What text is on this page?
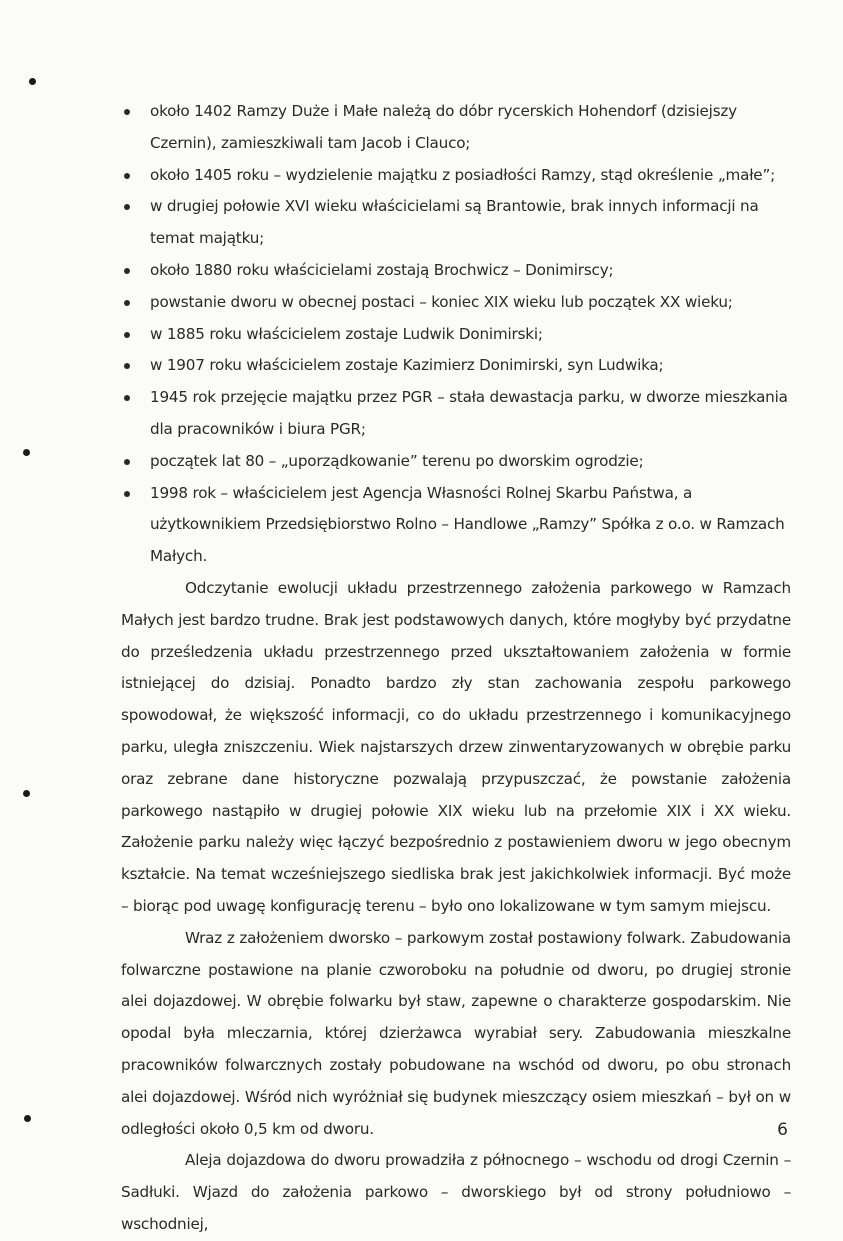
około 1402 Ramzy Duże i Małe należą do dóbr rycerskich Hohendorf (dzisiejszy Czernin), zamieszkiwali tam Jacob i Clauco;
około 1405 roku – wydzielenie majątku z posiadłości Ramzy, stąd określenie „małe”;
w drugiej połowie XVI wieku właścicielami są Brantowie, brak innych informacji na temat majątku;
około 1880 roku właścicielami zostają Brochwicz – Donimirscy;
powstanie dworu w obecnej postaci – koniec XIX wieku lub początek XX wieku;
w 1885 roku właścicielem zostaje Ludwik Donimirski;
w 1907 roku właścicielem zostaje Kazimierz Donimirski, syn Ludwika;
1945 rok przejęcie majątku przez PGR – stała dewastacja parku, w dworze mieszkania dla pracowników i biura PGR;
początek lat 80 – „uporządkowanie” terenu po dworskim ogrodzie;
1998 rok – właścicielem jest Agencja Własności Rolnej Skarbu Państwa, a użytkownikiem Przedsiębiorstwo Rolno – Handlowe „Ramzy” Spółka z o.o. w Ramzach Małych.

Odczytanie ewolucji układu przestrzennego założenia parkowego w Ramzach Małych jest bardzo trudne. Brak jest podstawowych danych, które mogłyby być przydatne do prześledzenia układu przestrzennego przed ukształtowaniem założenia w formie istniejącej do dzisiaj. Ponadto bardzo zły stan zachowania zespołu parkowego spowodował, że większość informacji, co do układu przestrzennego i komunikacyjnego parku, uległa zniszczeniu. Wiek najstarszych drzew zinwentaryzowanych w obrębie parku oraz zebrane dane historyczne pozwalają przypuszczać, że powstanie założenia parkowego nastąpiło w drugiej połowie XIX wieku lub na przełomie XIX i XX wieku. Założenie parku należy więc łączyć bezpośrednio z postawieniem dworu w jego obecnym kształcie. Na temat wcześniejszego siedliska brak jest jakichkolwiek informacji. Być może – biorąc pod uwagę konfigurację terenu – było ono lokalizowane w tym samym miejscu.

Wraz z założeniem dworsko – parkowym został postawiony folwark. Zabudowania folwarczne postawione na planie czworoboku na południe od dworu, po drugiej stronie alei dojazdowej. W obrębie folwarku był staw, zapewne o charakterze gospodarskim. Nie opodal była mleczarnia, której dzierżawca wyrabiał sery. Zabudowania mieszkalne pracowników folwarcznych zostały pobudowane na wschód od dworu, po obu stronach alei dojazdowej. Wśród nich wyróżniał się budynek mieszczący osiem mieszkań – był on w odległości około 0,5 km od dworu.

Aleja dojazdowa do dworu prowadziła z północnego – wschodu od drogi Czernin – Sadłuki. Wjazd do założenia parkowo – dworskiego był od strony południowo – wschodniej,

6
